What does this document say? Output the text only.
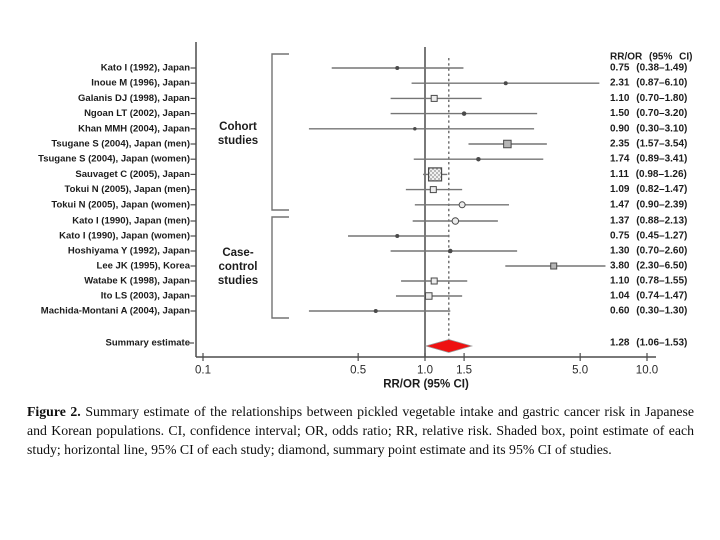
RR/OR (95% CI)
Kato I (1992), Japan	0.75 (0.38–1.49)
Inoue M (1996), Japan	2.31 (0.87–6.10)
Galanis DJ (1998), Japan	1.10 (0.70–1.80)
Ngoan LT (2002), Japan	1.50 (0.70–3.20)
Khan MMH (2004), Japan	0.90 (0.30–3.10)
Tsugane S (2004), Japan (men)	2.35 (1.57–3.54)
Tsugane S (2004), Japan (women)	1.74 (0.89–3.41)
Sauvaget C (2005), Japan	1.11 (0.98–1.26)
Tokui N (2005), Japan (men)	1.09 (0.82–1.47)
Tokui N (2005), Japan (women)	1.47 (0.90–2.39)
Kato I (1990), Japan (men)	1.37 (0.88–2.13)
Kato I (1990), Japan (women)	0.75 (0.45–1.27)
Hoshiyama Y (1992), Japan	1.30 (0.70–2.60)
Lee JK (1995), Korea	3.80 (2.30–6.50)
Watabe K (1998), Japan	1.10 (0.78–1.55)
Ito LS (2003), Japan	1.04 (0.74–1.47)
Machida-Montani A (2004), Japan	0.60 (0.30–1.30)
Summary estimate	1.28 (1.06–1.53)
0.1	0.5	1.0 1.5	5.0	10.0
RR/OR (95% CI)
Cohort
studies
Case-
control
studies
Figure 2. Summary estimate of the relationships between pickled vegetable intake and gastric cancer risk in Japanese and Korean populations. CI, confidence interval; OR, odds ratio; RR, relative risk. Shaded box, point estimate of each study; horizontal line, 95% CI of each study; diamond, summary point estimate and its 95% CI of studies.
